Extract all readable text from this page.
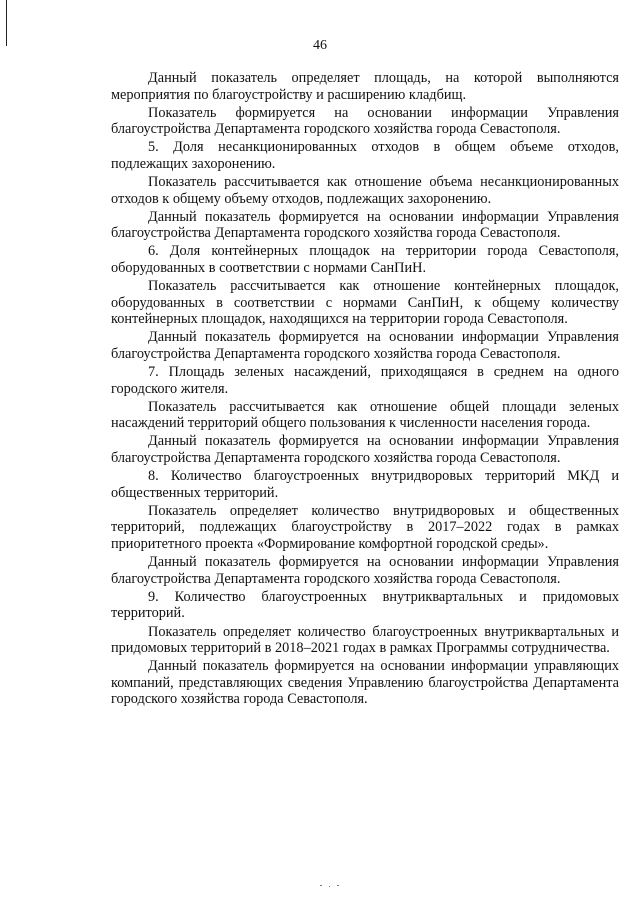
46

Данный показатель определяет площадь, на которой выполняются мероприятия по благоустройству и расширению кладбищ.

Показатель формируется на основании информации Управления благоустройства Департамента городского хозяйства города Севастополя.

5. Доля несанкционированных отходов в общем объеме отходов, подлежащих захоронению.

Показатель рассчитывается как отношение объема несанкционированных отходов к общему объему отходов, подлежащих захоронению.

Данный показатель формируется на основании информации Управления благоустройства Департамента городского хозяйства города Севастополя.

6. Доля контейнерных площадок на территории города Севастополя, оборудованных в соответствии с нормами СанПиН.

Показатель рассчитывается как отношение контейнерных площадок, оборудованных в соответствии с нормами СанПиН, к общему количеству контейнерных площадок, находящихся на территории города Севастополя.

Данный показатель формируется на основании информации Управления благоустройства Департамента городского хозяйства города Севастополя.

7. Площадь зеленых насаждений, приходящаяся в среднем на одного городского жителя.

Показатель рассчитывается как отношение общей площади зеленых насаждений территорий общего пользования к численности населения города.

Данный показатель формируется на основании информации Управления благоустройства Департамента городского хозяйства города Севастополя.

8. Количество благоустроенных внутридворовых территорий МКД и общественных территорий.

Показатель определяет количество внутридворовых и общественных территорий, подлежащих благоустройству в 2017–2022 годах в рамках приоритетного проекта «Формирование комфортной городской среды».

Данный показатель формируется на основании информации Управления благоустройства Департамента городского хозяйства города Севастополя.

9. Количество благоустроенных внутриквартальных и придомовых территорий.

Показатель определяет количество благоустроенных внутриквартальных и придомовых территорий в 2018–2021 годах в рамках Программы сотрудничества.

Данный показатель формируется на основании информации управляющих компаний, представляющих сведения Управлению благоустройства Департамента городского хозяйства города Севастополя.
